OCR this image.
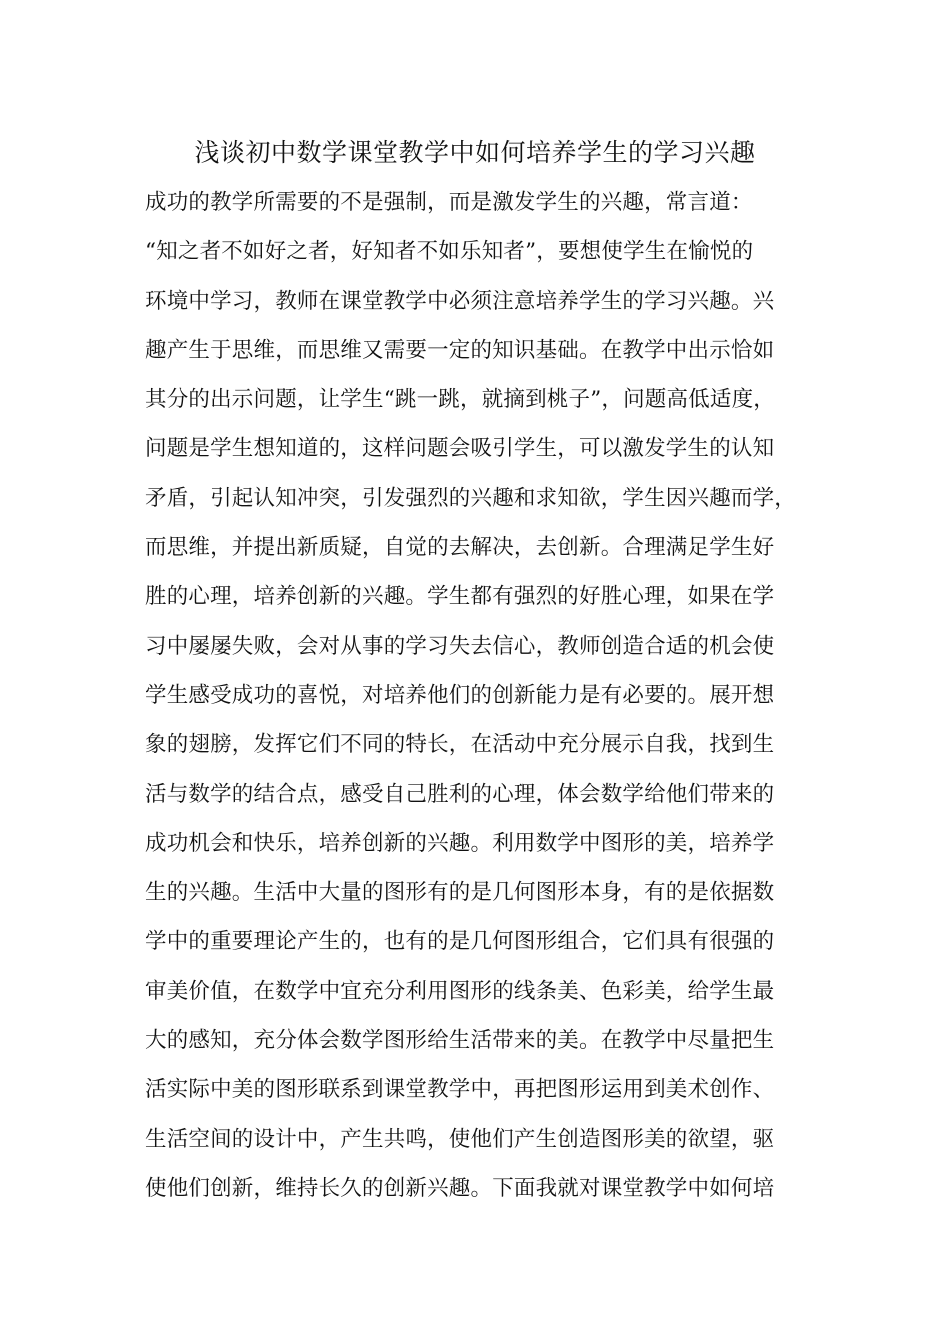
浅谈初中数学课堂教学中如何培养学生的学习兴趣
成功的教学所需要的不是强制，而是激发学生的兴趣，常言道：
“知之者不如好之者，好知者不如乐知者”，要想使学生在愉悦的
环境中学习，教师在课堂教学中必须注意培养学生的学习兴趣。兴
趣产生于思维，而思维又需要一定的知识基础。在教学中出示恰如
其分的出示问题，让学生“跳一跳，就摘到桃子”，问题高低适度，
问题是学生想知道的，这样问题会吸引学生，可以激发学生的认知
矛盾，引起认知冲突，引发强烈的兴趣和求知欲，学生因兴趣而学，
而思维，并提出新质疑，自觉的去解决，去创新。合理满足学生好
胜的心理，培养创新的兴趣。学生都有强烈的好胜心理，如果在学
习中屡屡失败，会对从事的学习失去信心，教师创造合适的机会使
学生感受成功的喜悦，对培养他们的创新能力是有必要的。展开想
象的翅膀，发挥它们不同的特长，在活动中充分展示自我，找到生
活与数学的结合点，感受自己胜利的心理，体会数学给他们带来的
成功机会和快乐，培养创新的兴趣。利用数学中图形的美，培养学
生的兴趣。生活中大量的图形有的是几何图形本身，有的是依据数
学中的重要理论产生的，也有的是几何图形组合，它们具有很强的
审美价值，在数学中宜充分利用图形的线条美、色彩美，给学生最
大的感知，充分体会数学图形给生活带来的美。在教学中尽量把生
活实际中美的图形联系到课堂教学中，再把图形运用到美术创作、
生活空间的设计中，产生共鸣，使他们产生创造图形美的欲望，驱
使他们创新，维持长久的创新兴趣。下面我就对课堂教学中如何培
